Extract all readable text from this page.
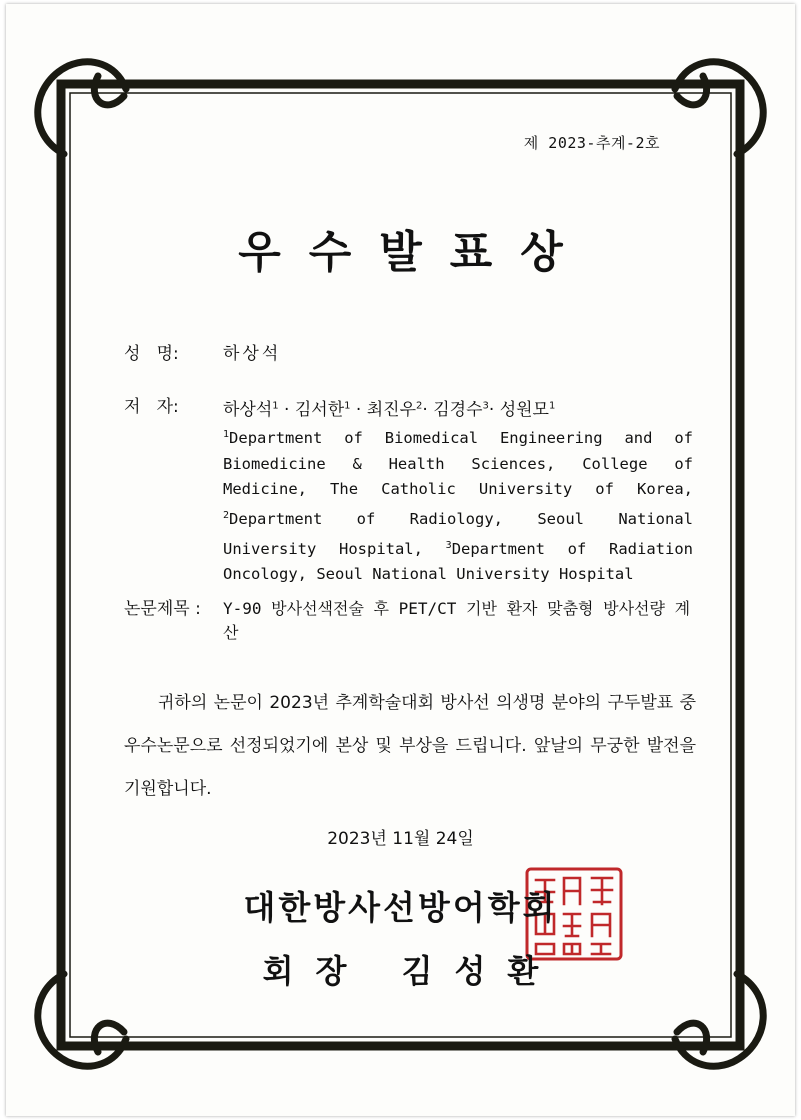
제 2023-추계-2호
우수발표상
성   명:	하상석
저   자:	하상석$^1$ · 김서한$^1$ · 최진우$^2$· 김경수$^3$· 성원모$^1$
$^1$Department of Biomedical Engineering and of Biomedicine & Health Sciences, College of Medicine, The Catholic University of Korea, $^2$Department of Radiology, Seoul National University Hospital, $^3$Department of Radiation Oncology, Seoul National University Hospital
논문제목 : Y-90 방사선색전술 후 PET/CT 기반 환자 맞춤형 방사선량 계산
귀하의 논문이 2023년 추계학술대회 방사선 의생명 분야의 구두발표 중 우수논문으로 선정되었기에 본상 및 부상을 드립니다. 앞날의 무궁한 발전을 기원합니다.
2023년 11월 24일
대한방사선방어학회
회장 김성환
